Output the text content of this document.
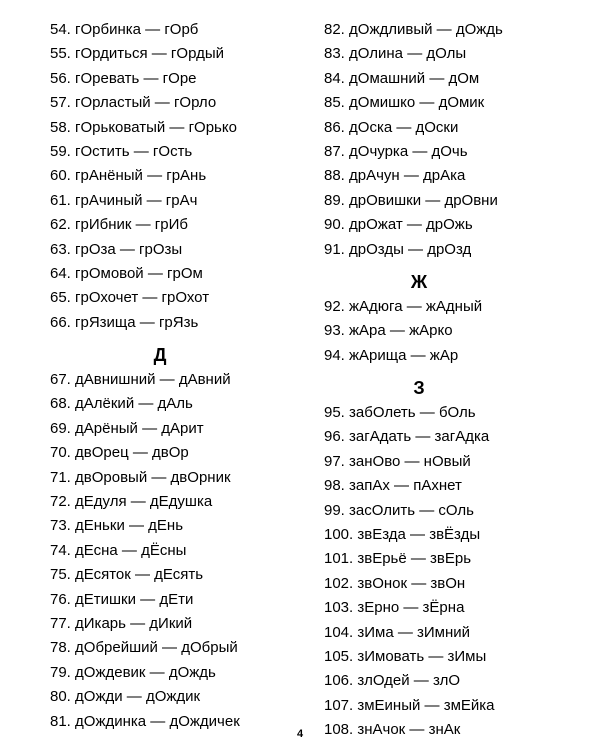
54. гОрбинка — гОрб
55. гОрдиться — гОрдый
56. гОревать — гОре
57. гОрластый — гОрло
58. гОрьковатый — гОрько
59. гОстить — гОсть
60. грАнёный — грАнь
61. грАчиный — грАч
62. грИбник — грИб
63. грОза — грОзы
64. грОмовой — грОм
65. грОхочет — грОхот
66. грЯзища — грЯзь
Д
67. дАвнишний — дАвний
68. дАлёкий — дАль
69. дАрёный — дАрит
70. двОрец — двОр
71. двОровый — двОрник
72. дЕдуля — дЕдушка
73. дЕньки — дЕнь
74. дЕсна — дЁсны
75. дЕсяток — дЕсять
76. дЕтишки — дЕти
77. дИкарь — дИкий
78. дОбрейший — дОбрый
79. дОждевик — дОждь
80. дОжди — дОждик
81. дОждинка — дОждичек
82. дОждливый — дОждь
83. дОлина — дОлы
84. дОмашний — дОм
85. дОмишко — дОмик
86. дОска — дОски
87. дОчурка — дОчь
88. дрАчун — дрАка
89. дрОвишки — дрОвни
90. дрОжат — дрОжь
91. дрОзды — дрОзд
Ж
92. жАдюга — жАдный
93. жАра — жАрко
94. жАрища — жАр
З
95. забОлеть — бОль
96. загАдать — загАдка
97. занОво — нОвый
98. запАх — пАхнет
99. засОлить — сОль
100. звЕзда — звЁзды
101. звЕрьё — звЕрь
102. звОнок — звОн
103. зЕрно — зЁрна
104. зИма — зИмний
105. зИмовать — зИмы
106. злОдей — злО
107. змЕиный — змЕйка
108. знАчок — знАк
4
